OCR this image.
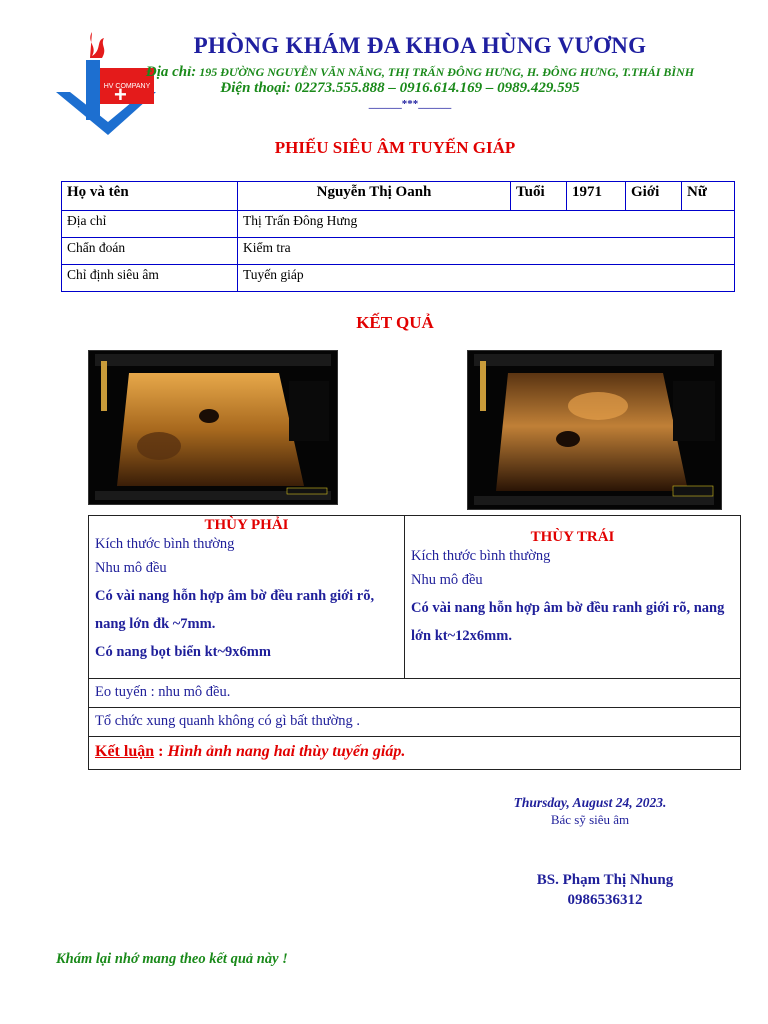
HV COMPANY
+
PHÒNG KHÁM ĐA KHOA HÙNG VƯƠNG
Địa chỉ: 195 ĐƯỜNG NGUYỄN VĂN NĂNG, THỊ TRẤN ĐÔNG HƯNG, H. ĐÔNG HƯNG, T.THÁI BÌNH
Điện thoại: 02273.555.888 – 0916.614.169 – 0989.429.595
______***______
PHIẾU SIÊU ÂM TUYẾN GIÁP
Họ và tên	Nguyễn Thị Oanh	Tuổi	1971	Giới	Nữ
Địa chỉ	Thị Trấn Đông Hưng				
Chẩn đoán	Kiểm tra				
Chỉ định siêu âm	Tuyến giáp				
KẾT QUẢ
THÙY PHẢI
Kích thước bình thường
Nhu mô đều
Có vài nang hỗn hợp âm bờ đều ranh giới rõ, nang lớn đk ~7mm.
Có nang bọt biển kt~9x6mm

THÙY TRÁI
Kích thước bình thường
Nhu mô đều
Có vài nang hỗn hợp âm bờ đều ranh giới rõ, nang lớn kt~12x6mm.

Eo tuyến : nhu mô đều.
Tổ chức xung quanh không có gì bất thường .
Kết luận : Hình ảnh nang hai thùy tuyến giáp.
Thursday, August 24, 2023.
Bác sỹ siêu âm
BS. Phạm Thị Nhung
0986536312
Khám lại nhớ mang theo kết quả này !
